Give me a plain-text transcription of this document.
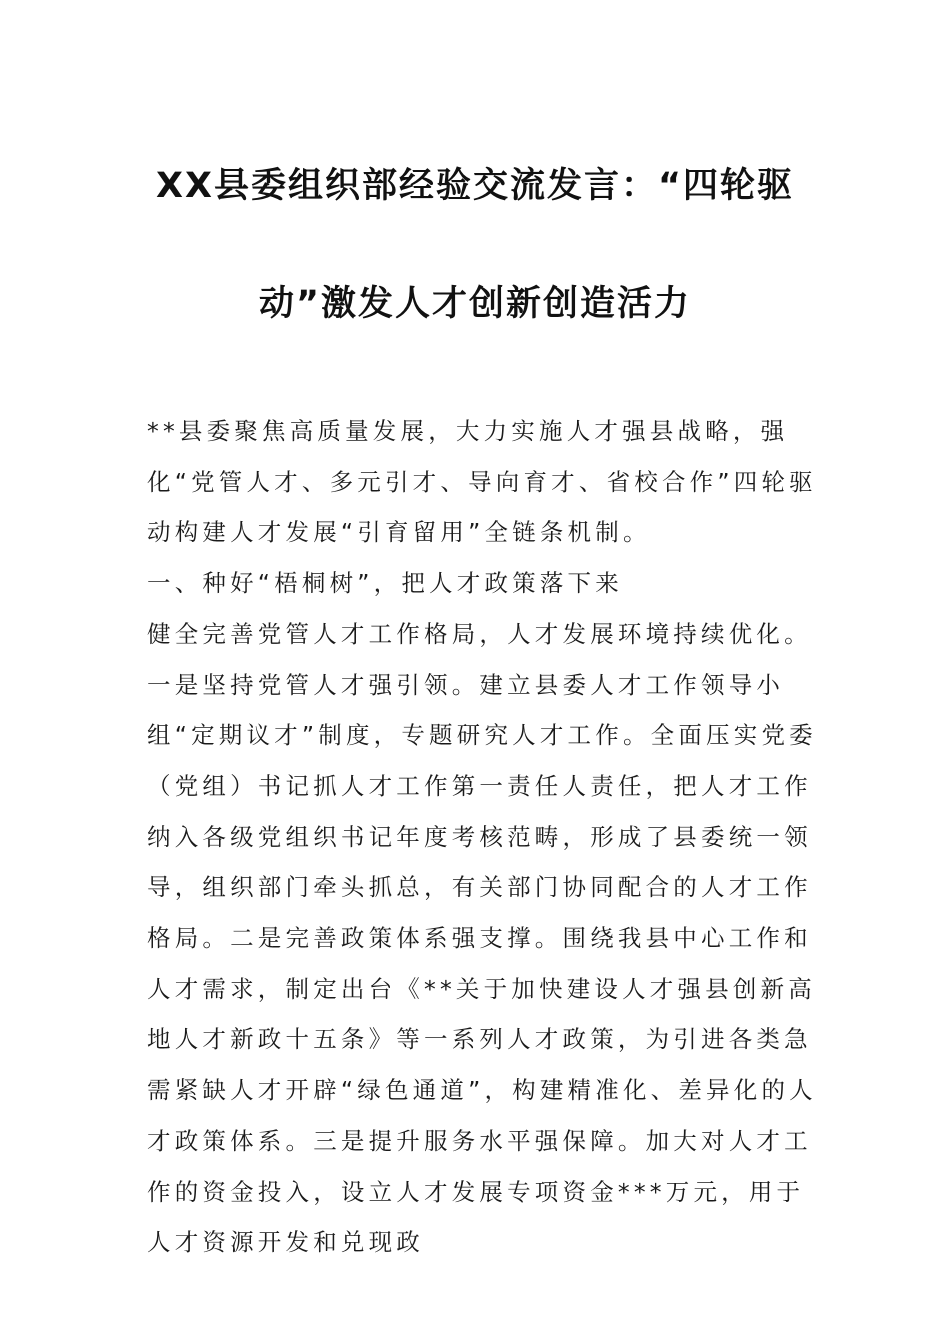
XX县委组织部经验交流发言：“四轮驱
动”激发人才创新创造活力

**县委聚焦高质量发展，大力实施人才强县战略，强化“党管人才、多元引才、导向育才、省校合作”四轮驱动构建人才发展“引育留用”全链条机制。

一、种好“梧桐树”，把人才政策落下来

健全完善党管人才工作格局，人才发展环境持续优化。一是坚持党管人才强引领。建立县委人才工作领导小组“定期议才”制度，专题研究人才工作。全面压实党委（党组）书记抓人才工作第一责任人责任，把人才工作纳入各级党组织书记年度考核范畴，形成了县委统一领导，组织部门牵头抓总，有关部门协同配合的人才工作格局。二是完善政策体系强支撑。围绕我县中心工作和人才需求，制定出台《**关于加快建设人才强县创新高地人才新政十五条》等一系列人才政策，为引进各类急需紧缺人才开辟“绿色通道”，构建精准化、差异化的人才政策体系。三是提升服务水平强保障。加大对人才工作的资金投入，设立人才发展专项资金***万元，用于人才资源开发和兑现政
